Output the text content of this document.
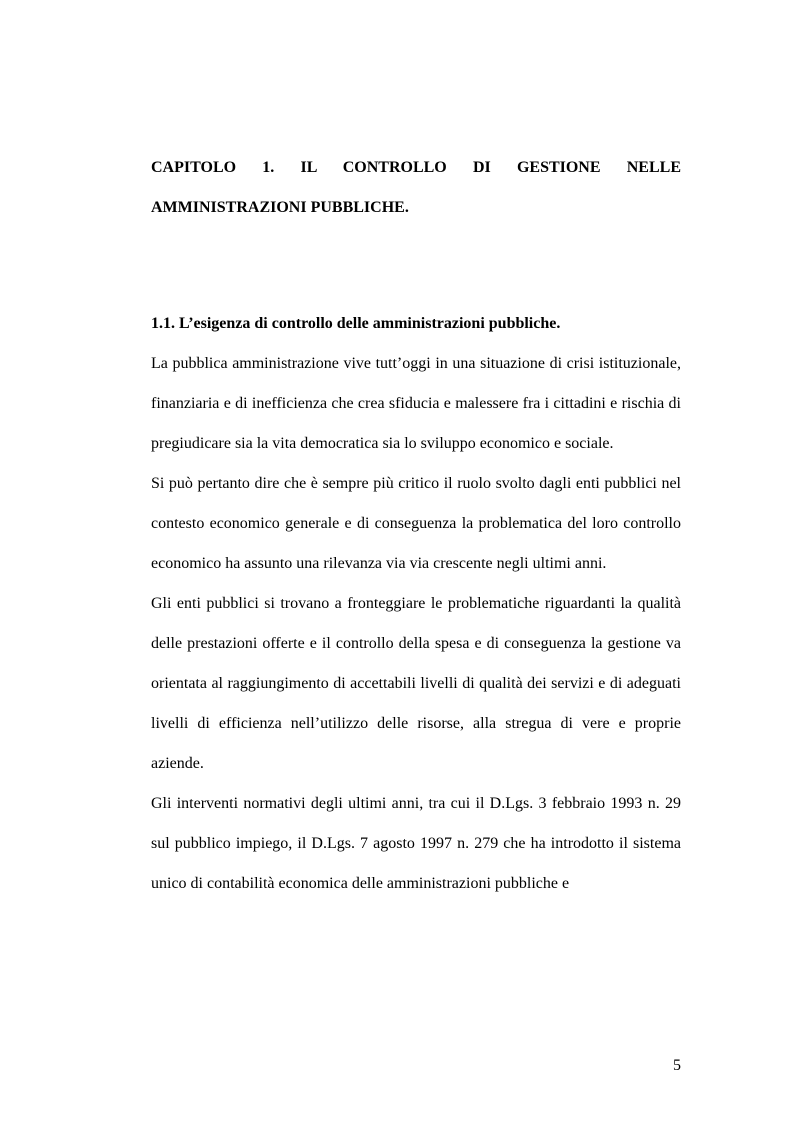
CAPITOLO 1. IL CONTROLLO DI GESTIONE NELLE
AMMINISTRAZIONI PUBBLICHE.
1.1. L’esigenza di controllo delle amministrazioni pubbliche.

La pubblica amministrazione vive tutt’oggi in una situazione di crisi istituzionale, finanziaria e di inefficienza che crea sfiducia e malessere fra i cittadini e rischia di pregiudicare sia la vita democratica sia lo sviluppo economico e sociale.

Si può pertanto dire che è sempre più critico il ruolo svolto dagli enti pubblici nel contesto economico generale e di conseguenza la problematica del loro controllo economico ha assunto una rilevanza via via crescente negli ultimi anni.

Gli enti pubblici si trovano a fronteggiare le problematiche riguardanti la qualità delle prestazioni offerte e il controllo della spesa e di conseguenza la gestione va orientata al raggiungimento di accettabili livelli di qualità dei servizi e di adeguati livelli di efficienza nell’utilizzo delle risorse, alla stregua di vere e proprie aziende.

Gli interventi normativi degli ultimi anni, tra cui il D.Lgs. 3 febbraio 1993 n. 29 sul pubblico impiego, il D.Lgs. 7 agosto 1997 n. 279 che ha introdotto il sistema unico di contabilità economica delle amministrazioni pubbliche e

5
